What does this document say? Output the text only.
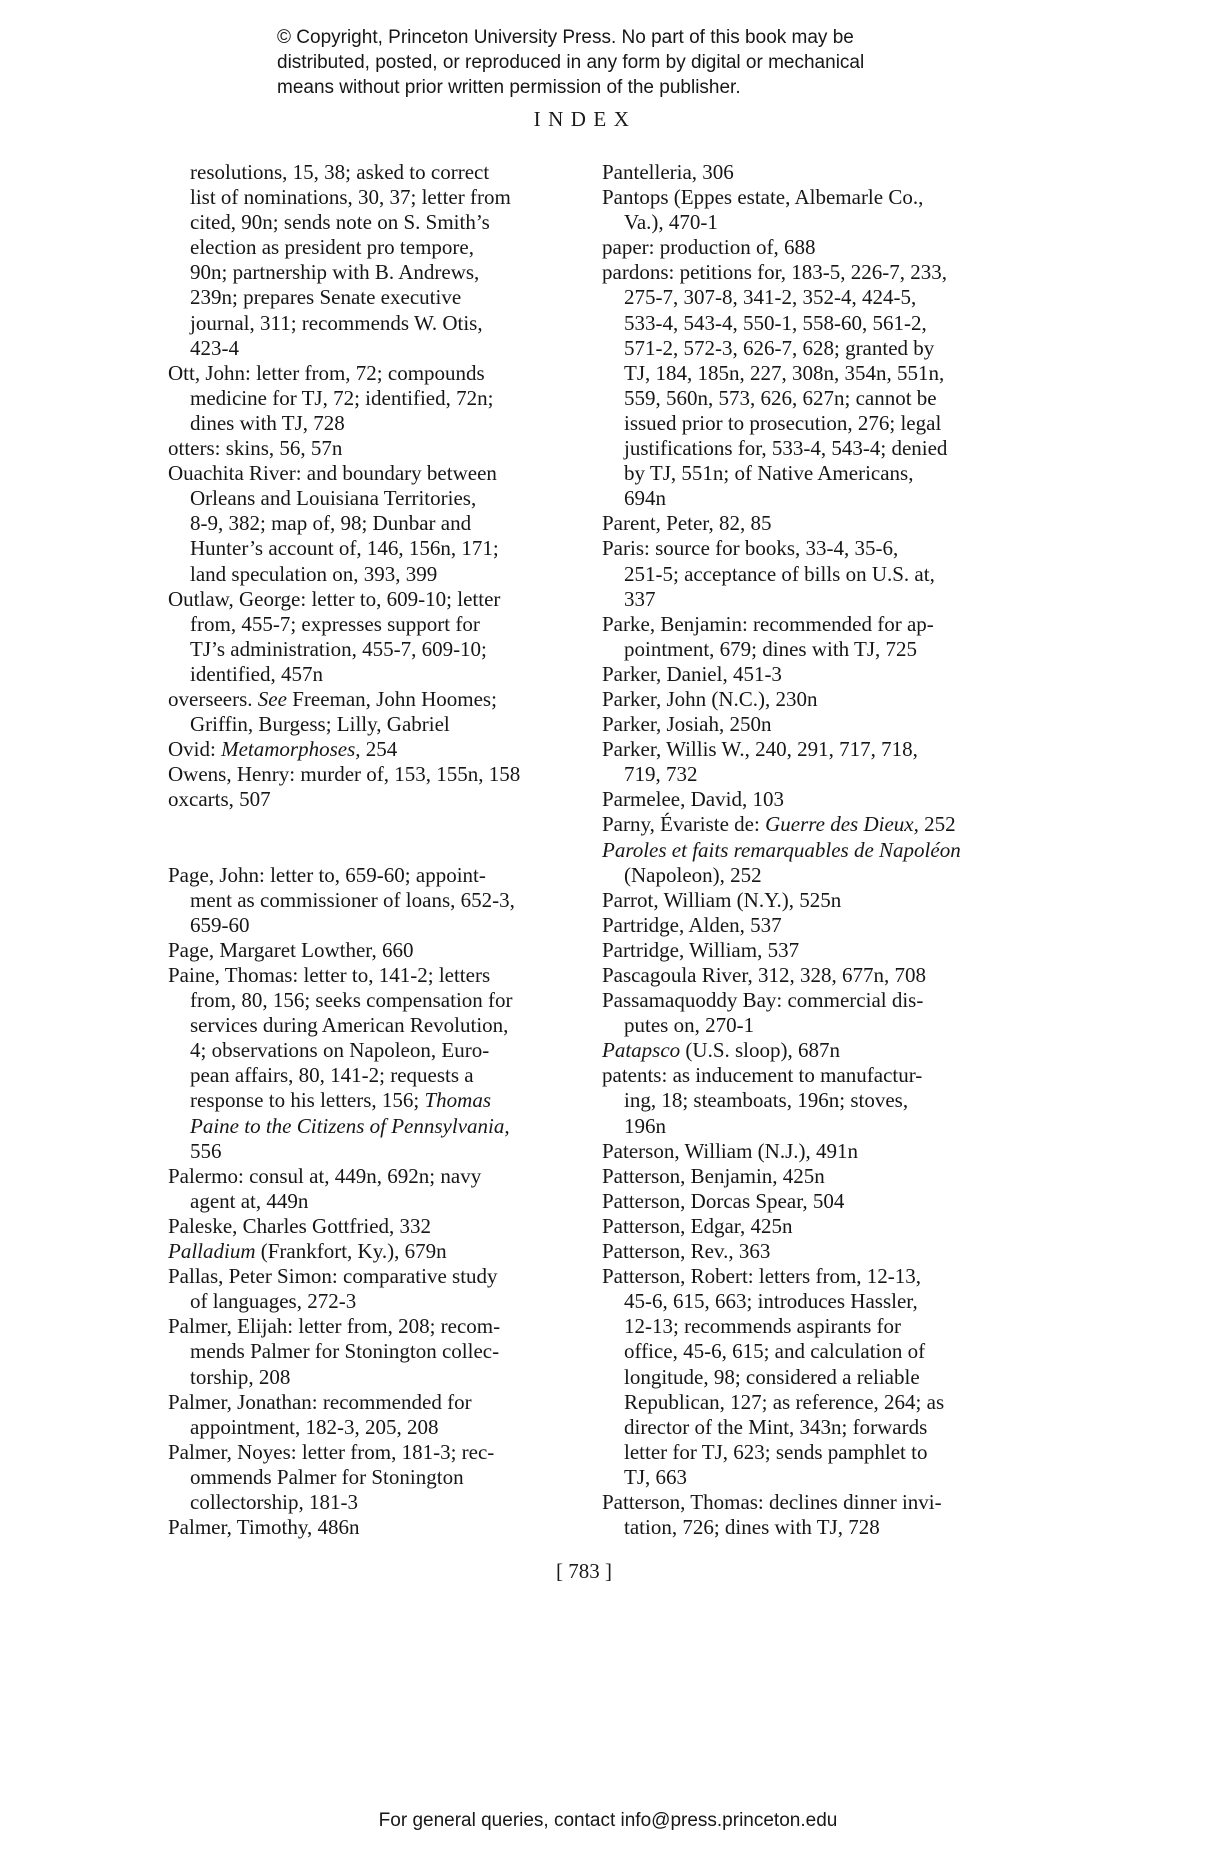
© Copyright, Princeton University Press. No part of this book may be
distributed, posted, or reproduced in any form by digital or mechanical
means without prior written permission of the publisher.
INDEX
resolutions, 15, 38; asked to correct
list of nominations, 30, 37; letter from
cited, 90n; sends note on S. Smith’s
election as president pro tempore,
90n; partnership with B. Andrews,
239n; prepares Senate executive
journal, 311; recommends W. Otis,
423-4
Ott, John: letter from, 72; compounds
medicine for TJ, 72; identified, 72n;
dines with TJ, 728
otters: skins, 56, 57n
Ouachita River: and boundary between
Orleans and Louisiana Territories,
8-9, 382; map of, 98; Dunbar and
Hunter’s account of, 146, 156n, 171;
land speculation on, 393, 399
Outlaw, George: letter to, 609-10; letter
from, 455-7; expresses support for
TJ’s administration, 455-7, 609-10;
identified, 457n
overseers. See Freeman, John Hoomes;
Griffin, Burgess; Lilly, Gabriel
Ovid: Metamorphoses, 254
Owens, Henry: murder of, 153, 155n, 158
oxcarts, 507
Page, John: letter to, 659-60; appoint-
ment as commissioner of loans, 652-3,
659-60
Page, Margaret Lowther, 660
Paine, Thomas: letter to, 141-2; letters
from, 80, 156; seeks compensation for
services during American Revolution,
4; observations on Napoleon, Euro-
pean affairs, 80, 141-2; requests a
response to his letters, 156; Thomas
Paine to the Citizens of Pennsylvania,
556
Palermo: consul at, 449n, 692n; navy
agent at, 449n
Paleske, Charles Gottfried, 332
Palladium (Frankfort, Ky.), 679n
Pallas, Peter Simon: comparative study
of languages, 272-3
Palmer, Elijah: letter from, 208; recom-
mends Palmer for Stonington collec-
torship, 208
Palmer, Jonathan: recommended for
appointment, 182-3, 205, 208
Palmer, Noyes: letter from, 181-3; rec-
ommends Palmer for Stonington
collectorship, 181-3
Palmer, Timothy, 486n
Pantelleria, 306
Pantops (Eppes estate, Albemarle Co.,
Va.), 470-1
paper: production of, 688
pardons: petitions for, 183-5, 226-7, 233,
275-7, 307-8, 341-2, 352-4, 424-5,
533-4, 543-4, 550-1, 558-60, 561-2,
571-2, 572-3, 626-7, 628; granted by
TJ, 184, 185n, 227, 308n, 354n, 551n,
559, 560n, 573, 626, 627n; cannot be
issued prior to prosecution, 276; legal
justifications for, 533-4, 543-4; denied
by TJ, 551n; of Native Americans,
694n
Parent, Peter, 82, 85
Paris: source for books, 33-4, 35-6,
251-5; acceptance of bills on U.S. at,
337
Parke, Benjamin: recommended for ap-
pointment, 679; dines with TJ, 725
Parker, Daniel, 451-3
Parker, John (N.C.), 230n
Parker, Josiah, 250n
Parker, Willis W., 240, 291, 717, 718,
719, 732
Parmelee, David, 103
Parny, Évariste de: Guerre des Dieux, 252
Paroles et faits remarquables de Napoléon
(Napoleon), 252
Parrot, William (N.Y.), 525n
Partridge, Alden, 537
Partridge, William, 537
Pascagoula River, 312, 328, 677n, 708
Passamaquoddy Bay: commercial dis-
putes on, 270-1
Patapsco (U.S. sloop), 687n
patents: as inducement to manufactur-
ing, 18; steamboats, 196n; stoves,
196n
Paterson, William (N.J.), 491n
Patterson, Benjamin, 425n
Patterson, Dorcas Spear, 504
Patterson, Edgar, 425n
Patterson, Rev., 363
Patterson, Robert: letters from, 12-13,
45-6, 615, 663; introduces Hassler,
12-13; recommends aspirants for
office, 45-6, 615; and calculation of
longitude, 98; considered a reliable
Republican, 127; as reference, 264; as
director of the Mint, 343n; forwards
letter for TJ, 623; sends pamphlet to
TJ, 663
Patterson, Thomas: declines dinner invi-
tation, 726; dines with TJ, 728
[ 783 ]
For general queries, contact info@press.princeton.edu
